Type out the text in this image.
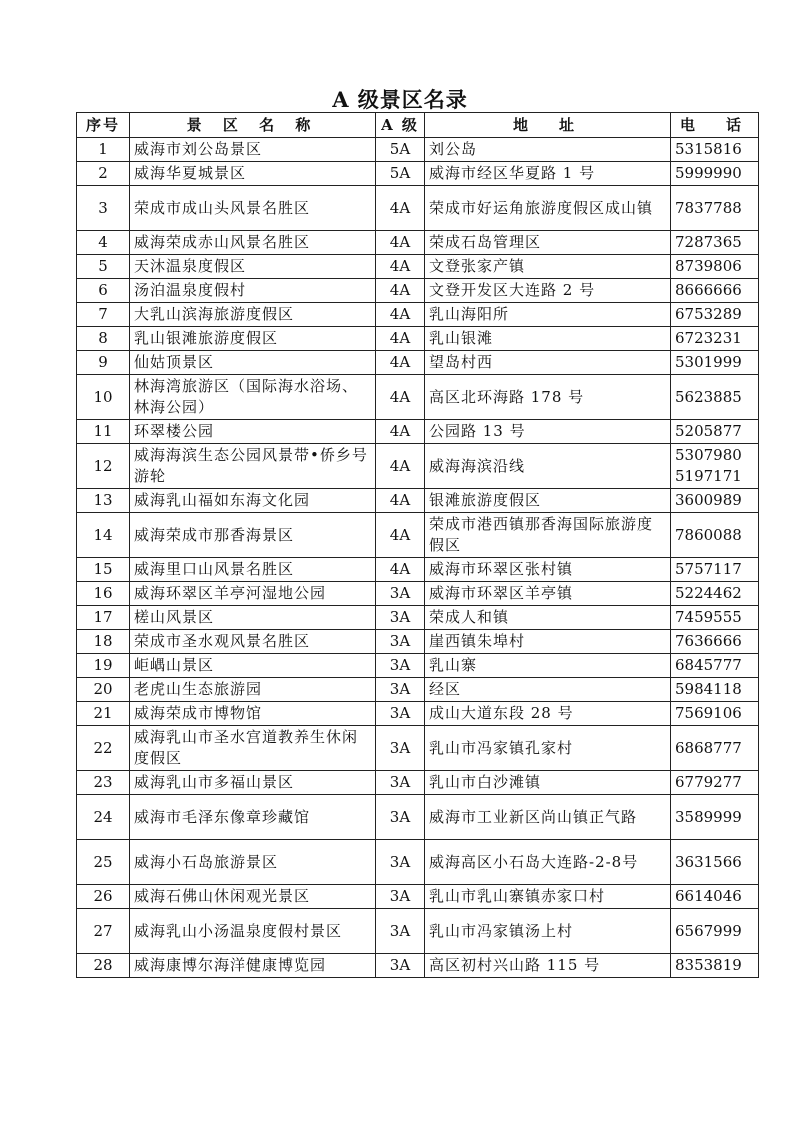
A 级景区名录
序号	景 区 名 称	A 级	地　址	电　话
1	威海市刘公岛景区	5A	刘公岛	5315816

2	威海华夏城景区	5A	威海市经区华夏路 1 号	5999990

3	荣成市成山头风景名胜区	4A	荣成市好运角旅游度假区成山镇	7837788

4	威海荣成赤山风景名胜区	4A	荣成石岛管理区	7287365

5	天沐温泉度假区	4A	文登张家产镇	8739806

6	汤泊温泉度假村	4A	文登开发区大连路 2 号	8666666

7	大乳山滨海旅游度假区	4A	乳山海阳所	6753289

8	乳山银滩旅游度假区	4A	乳山银滩	6723231

9	仙姑顶景区	4A	望岛村西	5301999

10	林海湾旅游区（国际海水浴场、林海公园）	4A	高区北环海路 178 号	5623885

11	环翠楼公园	4A	公园路 13 号	5205877

12	威海海滨生态公园风景带•侨乡号游轮	4A	威海海滨沿线	5307980
5197171

13	威海乳山福如东海文化园	4A	银滩旅游度假区	3600989

14	威海荣成市那香海景区	4A	荣成市港西镇那香海国际旅游度假区	7860088

15	威海里口山风景名胜区	4A	威海市环翠区张村镇	5757117

16	威海环翠区羊亭河湿地公园	3A	威海市环翠区羊亭镇	5224462

17	槎山风景区	3A	荣成人和镇	7459555

18	荣成市圣水观风景名胜区	3A	崖西镇朱埠村	7636666

19	岠嵎山景区	3A	乳山寨	6845777

20	老虎山生态旅游园	3A	经区	5984118

21	威海荣成市博物馆	3A	成山大道东段 28 号	7569106

22	威海乳山市圣水宫道教养生休闲度假区	3A	乳山市冯家镇孔家村	6868777

23	威海乳山市多福山景区	3A	乳山市白沙滩镇	6779277

24	威海市毛泽东像章珍藏馆	3A	威海市工业新区尚山镇正气路	3589999

25	威海小石岛旅游景区	3A	威海高区小石岛大连路-2-8号	3631566

26	威海石佛山休闲观光景区	3A	乳山市乳山寨镇赤家口村	6614046

27	威海乳山小汤温泉度假村景区	3A	乳山市冯家镇汤上村	6567999

28	威海康博尔海洋健康博览园	3A	高区初村兴山路 115 号	8353819
